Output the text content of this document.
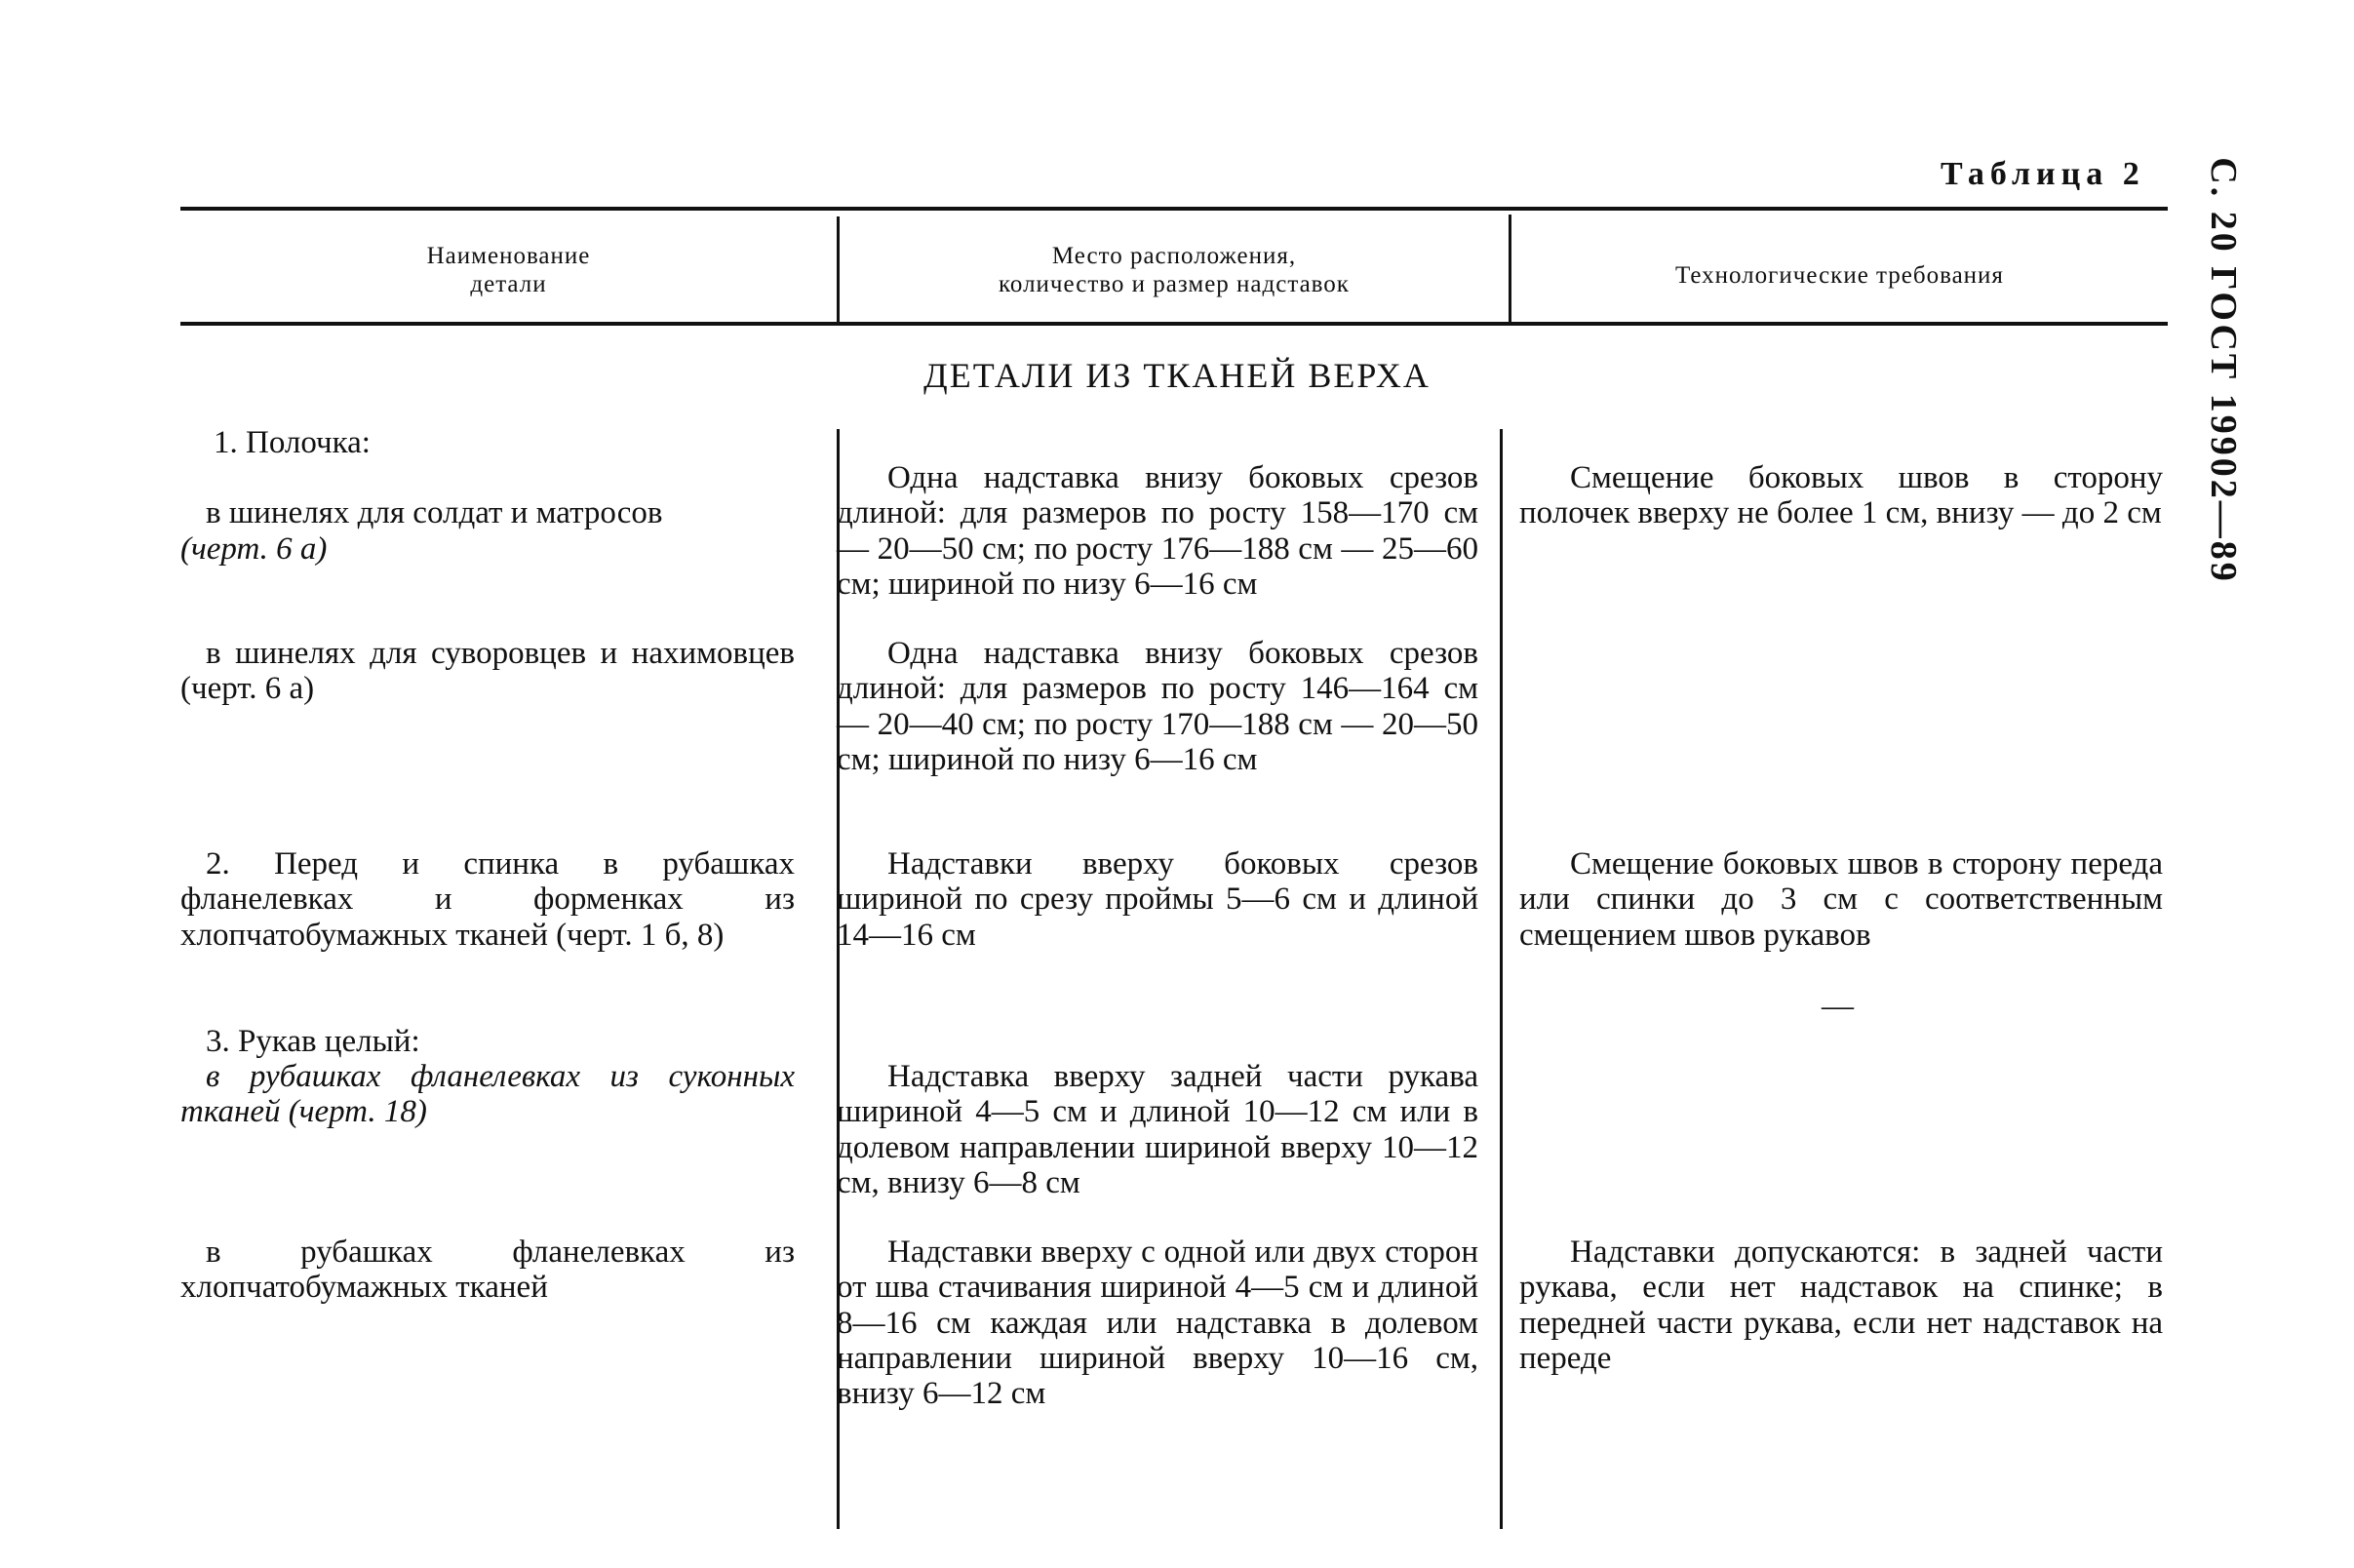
С. 20 ГОСТ 19902—89
Таблица 2
Наименование
детали
Место расположения,
количество и размер надставок	Технологические требования
ДЕТАЛИ ИЗ ТКАНЕЙ ВЕРХА
1. Полочка:

в шинелях для солдат и матросов(черт. 6 а)

Одна надставка внизу боковых срезов длиной: для размеров по росту 158—170 см — 20—50 см; по росту 176—188 см — 25—60 см; шириной по низу 6—16 см
Смещение боковых швов в сторону полочек вверху не более 1 см, внизу — до 2 см
в шинелях для суворовцев и нахимовцев (черт. 6 а)
Одна надставка внизу боковых срезов длиной: для размеров по росту 146—164 см — 20—40 см; по росту 170—188 см — 20—50 см; шириной по низу 6—16 см
2. Перед и спинка в рубашках фланелевках и форменках из хлопчатобумажных тканей (черт. 1 б, 8)
Надставки вверху боковых срезов шириной по срезу проймы 5—6 см и длиной 14—16 см
Смещение боковых швов в сторону переда или спинки до 3 см с соответственным смещением швов рукавов
—
3. Рукав целый:
в рубашках фланелевках из суконных тканей (черт. 18)
Надставка вверху задней части рукава шириной 4—5 см и длиной 10—12 см или в долевом направлении шириной вверху 10—12 см, внизу 6—8 см
в рубашках фланелевках из хлопчатобумажных тканей
Надставки вверху с одной или двух сторон от шва стачивания шириной 4—5 см и длиной 8—16 см каждая или надставка в долевом направлении шириной вверху 10—16 см, внизу 6—12 см
Надставки допускаются: в задней части рукава, если нет надставок на спинке; в передней части рукава, если нет надставок на переде
